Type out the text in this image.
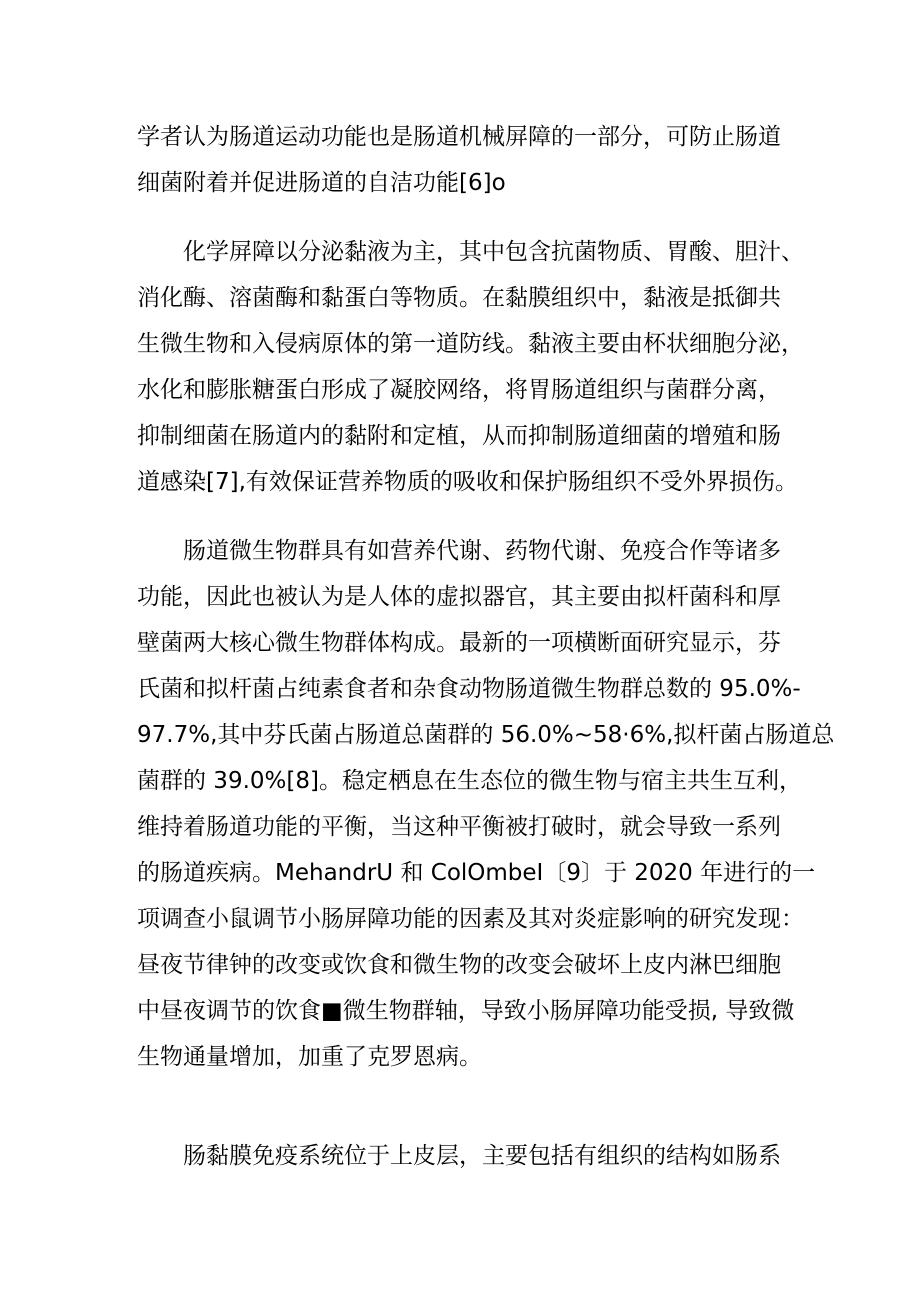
学者认为肠道运动功能也是肠道机械屏障的一部分，可防止肠道
细菌附着并促进肠道的自洁功能[6]o
化学屏障以分泌黏液为主，其中包含抗菌物质、胃酸、胆汁、
消化酶、溶菌酶和黏蛋白等物质。在黏膜组织中，黏液是抵御共
生微生物和入侵病原体的第一道防线。黏液主要由杯状细胞分泌，
水化和膨胀糖蛋白形成了凝胶网络，将胃肠道组织与菌群分离，
抑制细菌在肠道内的黏附和定植，从而抑制肠道细菌的增殖和肠
道感染[7],有效保证营养物质的吸收和保护肠组织不受外界损伤。
肠道微生物群具有如营养代谢、药物代谢、免疫合作等诸多
功能，因此也被认为是人体的虚拟器官，其主要由拟杆菌科和厚
壁菌两大核心微生物群体构成。最新的一项横断面研究显示，芬
氏菌和拟杆菌占纯素食者和杂食动物肠道微生物群总数的 95.0%-
97.7%,其中芬氏菌占肠道总菌群的 56.0%~58·6%,拟杆菌占肠道总
菌群的 39.0%[8]。稳定栖息在生态位的微生物与宿主共生互利，
维持着肠道功能的平衡，当这种平衡被打破时，就会导致一系列
的肠道疾病。MehandrU 和 ColOmbeI〔9〕于 2020 年进行的一
项调查小鼠调节小肠屏障功能的因素及其对炎症影响的研究发现：
昼夜节律钟的改变或饮食和微生物的改变会破坏上皮内淋巴细胞
中昼夜调节的饮食■微生物群轴，导致小肠屏障功能受损, 导致微
生物通量增加，加重了克罗恩病。
肠黏膜免疫系统位于上皮层，主要包括有组织的结构如肠系
